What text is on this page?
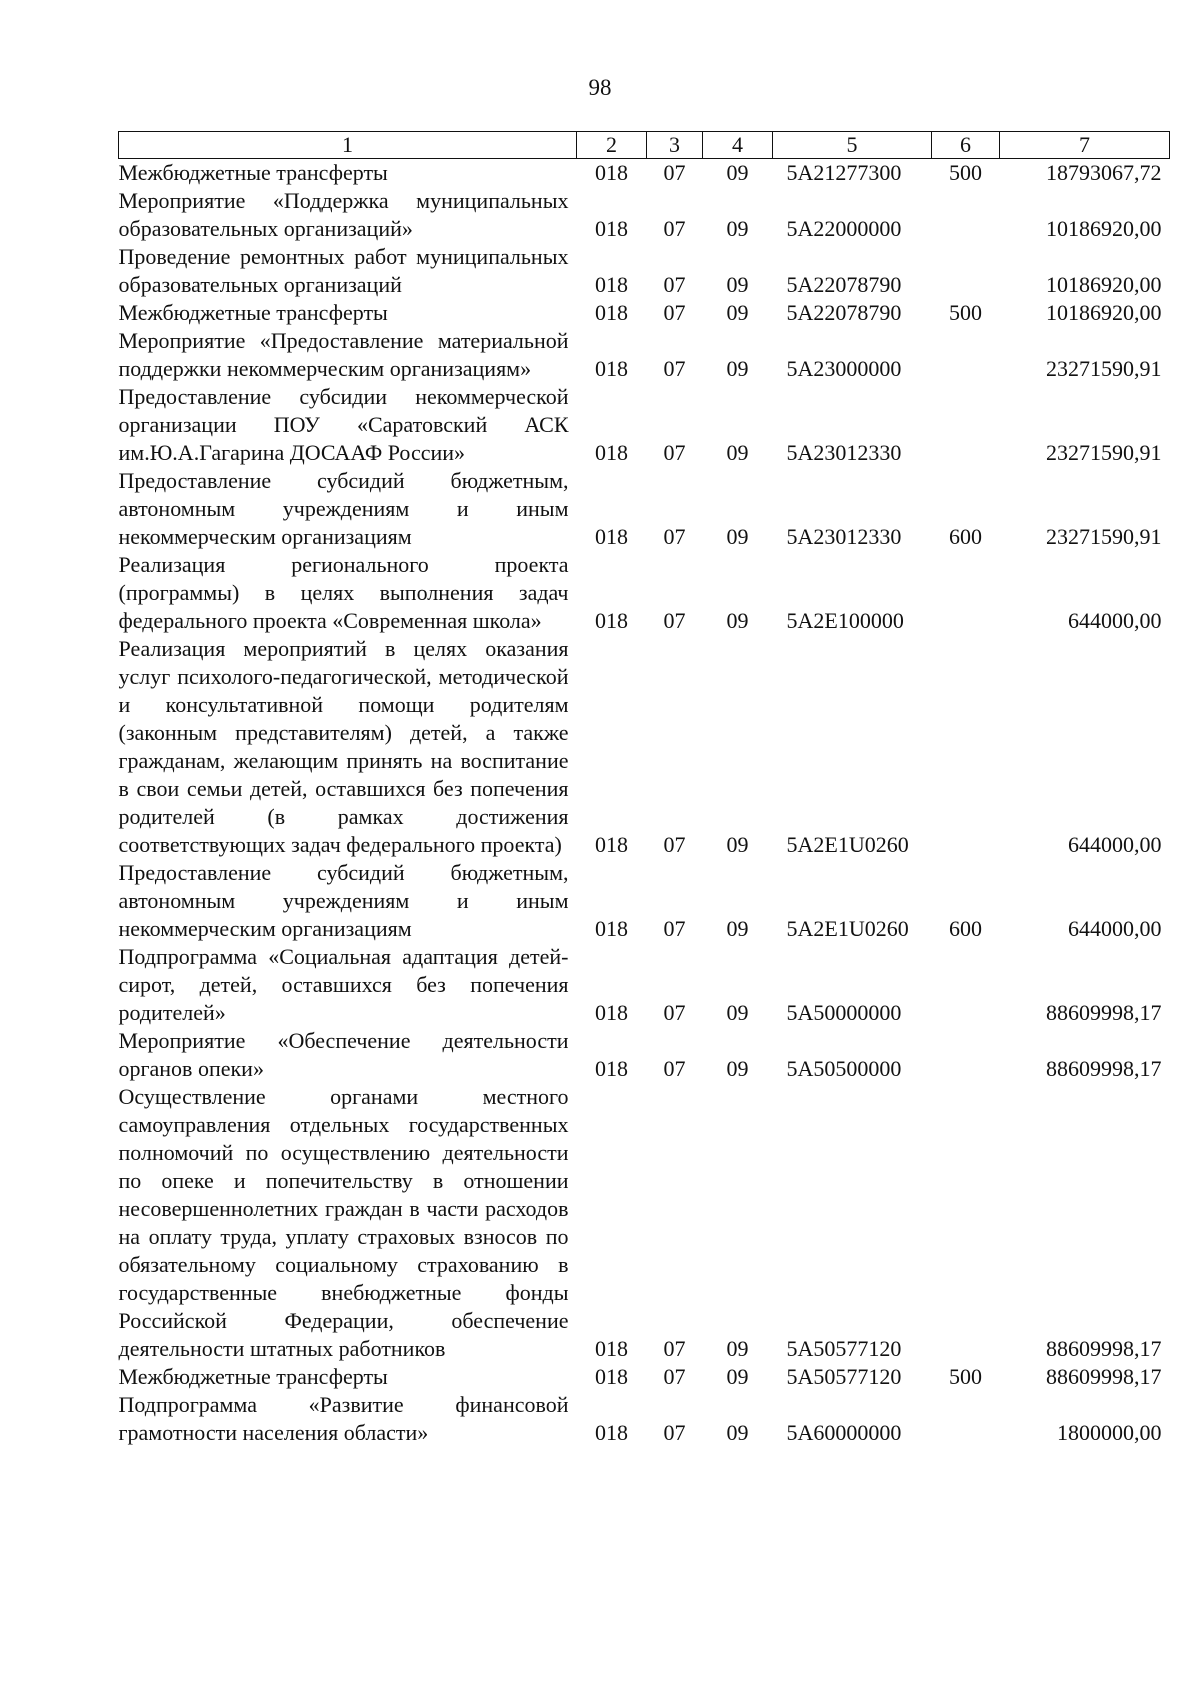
98
1	2	3	4	5	6	7
Межбюджетные трансферты	018	07	09	5А21277300	500	18793067,72
Мероприятие «Поддержка муниципальных образовательных организаций»	018	07	09	5А22000000		10186920,00
Проведение ремонтных работ муниципальных образовательных организаций	018	07	09	5А22078790		10186920,00
Межбюджетные трансферты	018	07	09	5А22078790	500	10186920,00
Мероприятие «Предоставление материальной поддержки некоммерческим организациям»	018	07	09	5А23000000		23271590,91
Предоставление субсидии некоммерческой организации ПОУ «Саратовский АСК им.Ю.А.Гагарина ДОСААФ России»	018	07	09	5А23012330		23271590,91
Предоставление субсидий бюджетным, автономным учреждениям и иным некоммерческим организациям	018	07	09	5А23012330	600	23271590,91
Реализация регионального проекта (программы) в целях выполнения задач федерального проекта «Современная школа»	018	07	09	5А2Е100000		644000,00
Реализация мероприятий в целях оказания услуг психолого-педагогической, методической и консультативной помощи родителям (законным представителям) детей, а также гражданам, желающим принять на воспитание в свои семьи детей, оставшихся без попечения родителей (в рамках достижения соответствующих задач федерального проекта)	018	07	09	5А2Е1U0260		644000,00
Предоставление субсидий бюджетным, автономным учреждениям и иным некоммерческим организациям	018	07	09	5А2Е1U0260	600	644000,00
Подпрограмма «Социальная адаптация детей-сирот, детей, оставшихся без попечения родителей»	018	07	09	5А50000000		88609998,17
Мероприятие «Обеспечение деятельности органов опеки»	018	07	09	5А50500000		88609998,17
Осуществление органами местного самоуправления отдельных государственных полномочий по осуществлению деятельности по опеке и попечительству в отношении несовершеннолетних граждан в части расходов на оплату труда, уплату страховых взносов по обязательному социальному страхованию в государственные внебюджетные фонды Российской Федерации, обеспечение деятельности штатных работников	018	07	09	5А50577120		88609998,17
Межбюджетные трансферты	018	07	09	5А50577120	500	88609998,17
Подпрограмма «Развитие финансовой грамотности населения области»	018	07	09	5А60000000		1800000,00
